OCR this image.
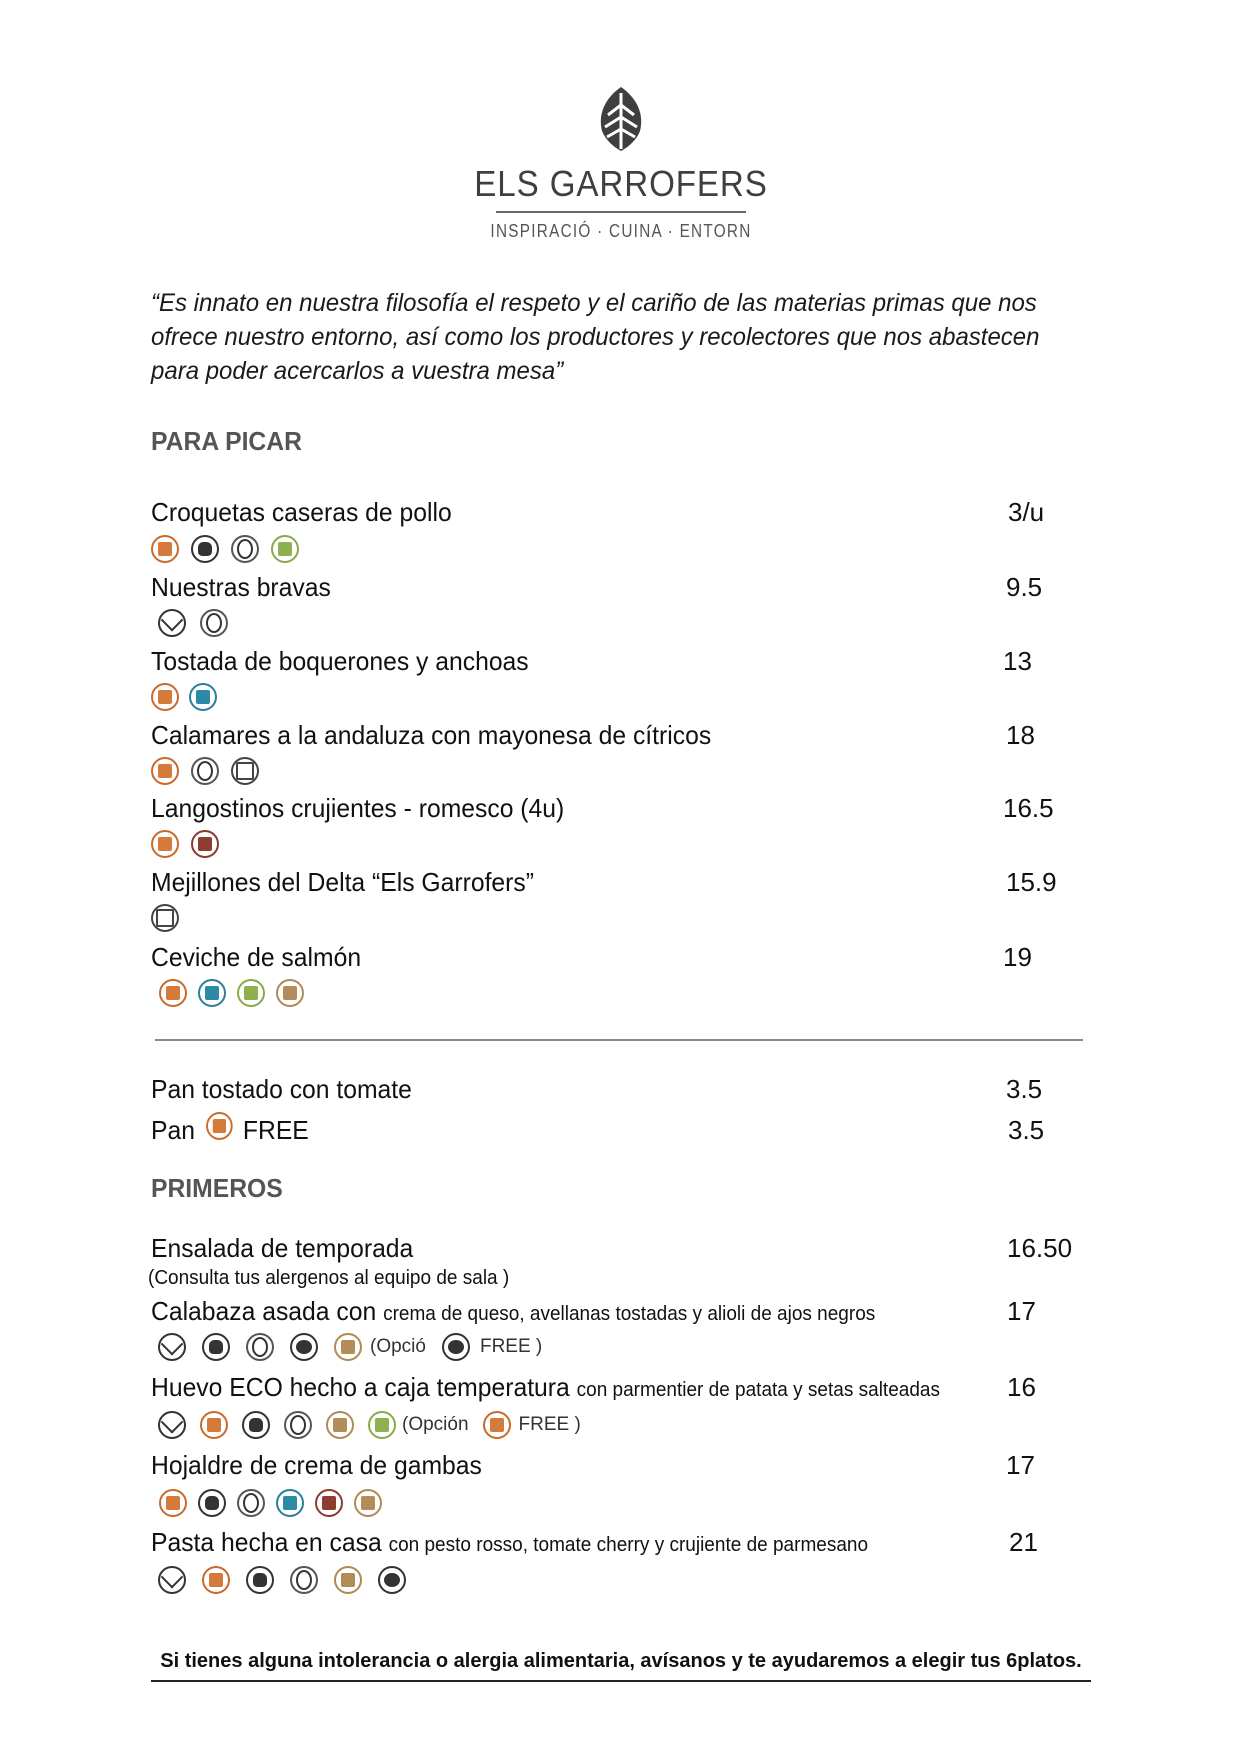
ELS GARROFERS
INSPIRACIÓ · CUINA · ENTORN
“Es innato en nuestra filosofía el respeto y el cariño de las materias primas que nos ofrece nuestro entorno, así como los productores y recolectores que nos abastecen para poder acercarlos a vuestra mesa”
PARA PICAR
Croquetas caseras de pollo	3/u
Nuestras bravas	9.5
Tostada de boquerones y anchoas	13
Calamares a la andaluza con mayonesa de cítricos	18
Langostinos crujientes - romesco (4u)	16.5
Mejillones del Delta “Els Garrofers”	15.9
Ceviche de salmón	19
Pan tostado con tomate	3.5
Pan FREE	3.5
PRIMEROS
Ensalada de temporada	16.50
(Consulta tus alergenos al equipo de sala )
Calabaza asada con crema de queso, avellanas tostadas y alioli de ajos negros	17
(Opció	FREE )
Huevo ECO hecho a caja temperatura con parmentier de patata y setas salteadas	16
(Opción	FREE )
Hojaldre de crema de gambas	17
Pasta hecha en casa con pesto rosso, tomate cherry y crujiente de parmesano	21
Si tienes alguna intolerancia o alergia alimentaria, avísanos y te ayudaremos a elegir tus 6platos.
